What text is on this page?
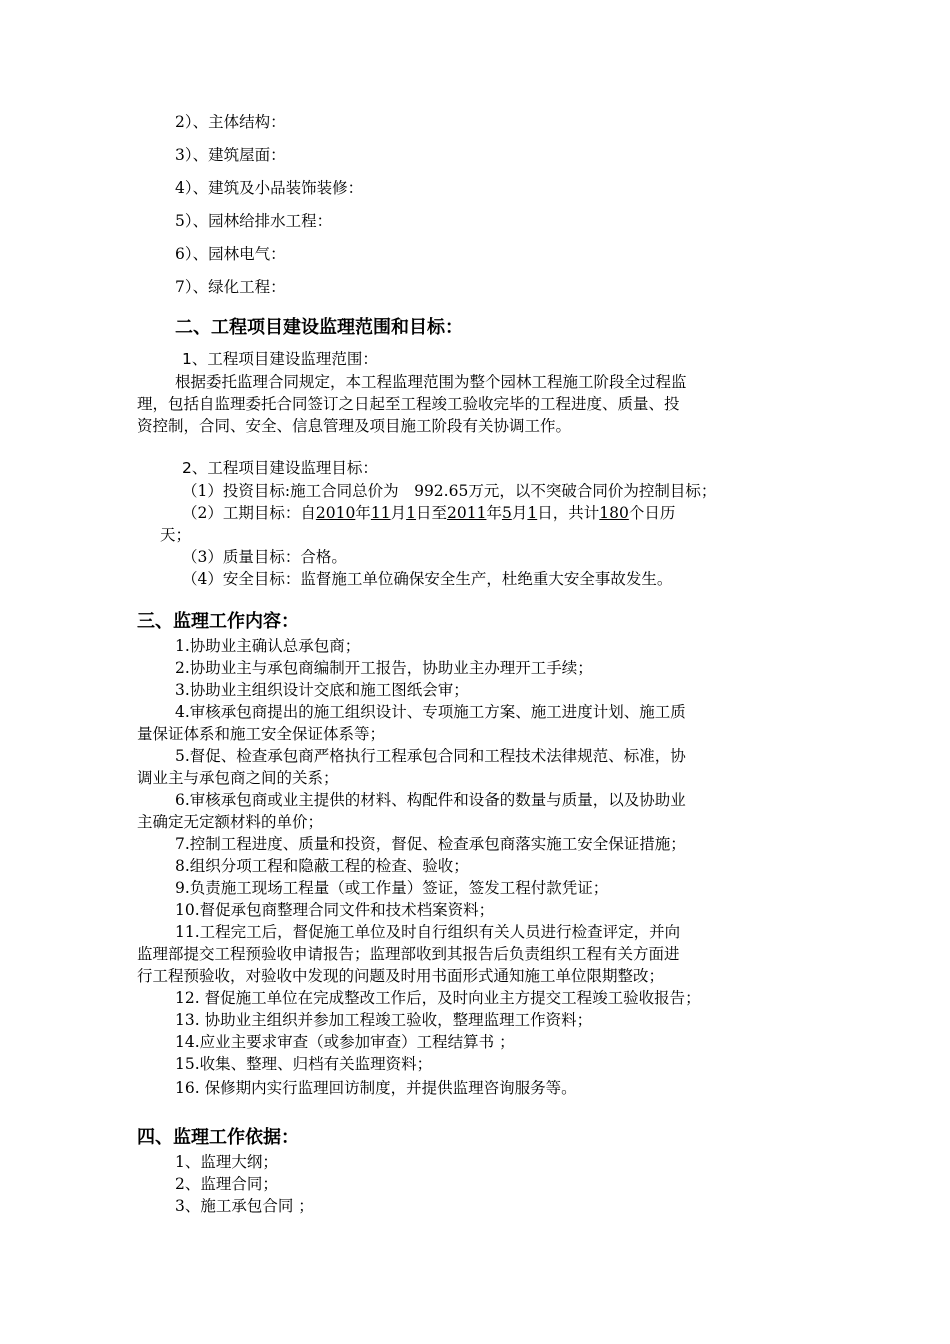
2）、主体结构：
3）、建筑屋面：
4）、建筑及小品装饰装修：
5）、园林给排水工程：
6）、园林电气：
7）、绿化工程：
二、工程项目建设监理范围和目标：
1、工程项目建设监理范围：
根据委托监理合同规定，本工程监理范围为整个园林工程施工阶段全过程监
理，包括自监理委托合同签订之日起至工程竣工验收完毕的工程进度、质量、投
资控制，合同、安全、信息管理及项目施工阶段有关协调工作。
2、工程项目建设监理目标：
（1）投资目标:施工合同总价为　992.65万元，以不突破合同价为控制目标；
（2）工期目标：自2010年11月1日至2011年5月1日，共计180个日历
天；
（3）质量目标：合格。
（4）安全目标：监督施工单位确保安全生产，杜绝重大安全事故发生。
三、监理工作内容：
1.协助业主确认总承包商；
2.协助业主与承包商编制开工报告，协助业主办理开工手续；
3.协助业主组织设计交底和施工图纸会审；
4.审核承包商提出的施工组织设计、专项施工方案、施工进度计划、施工质
量保证体系和施工安全保证体系等；
5.督促、检查承包商严格执行工程承包合同和工程技术法律规范、标准，协
调业主与承包商之间的关系；
6.审核承包商或业主提供的材料、构配件和设备的数量与质量，以及协助业
主确定无定额材料的单价；
7.控制工程进度、质量和投资，督促、检查承包商落实施工安全保证措施；
8.组织分项工程和隐蔽工程的检查、验收；
9.负责施工现场工程量（或工作量）签证，签发工程付款凭证；
10.督促承包商整理合同文件和技术档案资料；
11.工程完工后，督促施工单位及时自行组织有关人员进行检查评定，并向
监理部提交工程预验收申请报告；监理部收到其报告后负责组织工程有关方面进
行工程预验收，对验收中发现的问题及时用书面形式通知施工单位限期整改；
12. 督促施工单位在完成整改工作后，及时向业主方提交工程竣工验收报告；
13. 协助业主组织并参加工程竣工验收，整理监理工作资料；
14.应业主要求审查（或参加审查）工程结算书 ；
15.收集、整理、归档有关监理资料；
16. 保修期内实行监理回访制度，并提供监理咨询服务等。
四、监理工作依据：
1、监理大纲；
2、监理合同；
3、施工承包合同 ；
